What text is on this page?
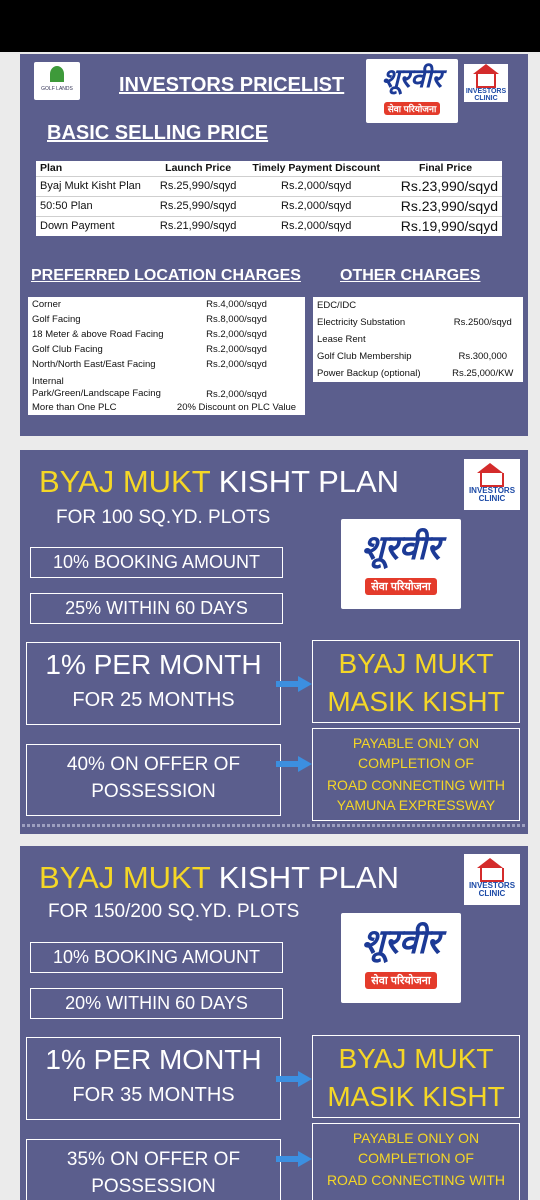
GOLF LANDS	INVESTORS PRICELIST	शूरवीर
सेवा परियोजना
INVESTORS
CLINIC
BASIC SELLING PRICE
Plan	Launch Price	Timely Payment Discount	Final Price
Byaj Mukt Kisht Plan	Rs.25,990/sqyd	Rs.2,000/sqyd	Rs.23,990/sqyd
50:50 Plan	Rs.25,990/sqyd	Rs.2,000/sqyd	Rs.23,990/sqyd
Down Payment	Rs.21,990/sqyd	Rs.2,000/sqyd	Rs.19,990/sqyd
PREFERRED LOCATION CHARGES OTHER CHARGES
Corner	Rs.4,000/sqyd
Golf Facing	Rs.8,000/sqyd
18 Meter & above Road Facing	Rs.2,000/sqyd
Golf Club Facing	Rs.2,000/sqyd
North/North East/East Facing	Rs.2,000/sqyd
Internal Park/Green/Landscape Facing	Rs.2,000/sqyd
More than One PLC	20% Discount on PLC Value
EDC/IDC	
Electricity Substation	Rs.2500/sqyd
Lease Rent	
Golf Club Membership	Rs.300,000
Power Backup (optional)	Rs.25,000/KW
BYAJ MUKT KISHT PLAN
FOR 100 SQ.YD. PLOTS
INVESTORS
CLINIC
शूरवीर
सेवा परियोजना
10% BOOKING AMOUNT
25% WITHIN 60 DAYS
1% PER MONTH
FOR 25 MONTHS
BYAJ MUKT
MASIK KISHT
40% ON OFFER OF
POSSESSION
PAYABLE ONLY ON
COMPLETION OF
ROAD CONNECTING WITH
YAMUNA EXPRESSWAY
BYAJ MUKT KISHT PLAN
FOR 150/200 SQ.YD. PLOTS
INVESTORS
CLINIC
शूरवीर
सेवा परियोजना
10% BOOKING AMOUNT
20% WITHIN 60 DAYS
1% PER MONTH
FOR 35 MONTHS
BYAJ MUKT
MASIK KISHT
35% ON OFFER OF
POSSESSION
PAYABLE ONLY ON
COMPLETION OF
ROAD CONNECTING WITH
